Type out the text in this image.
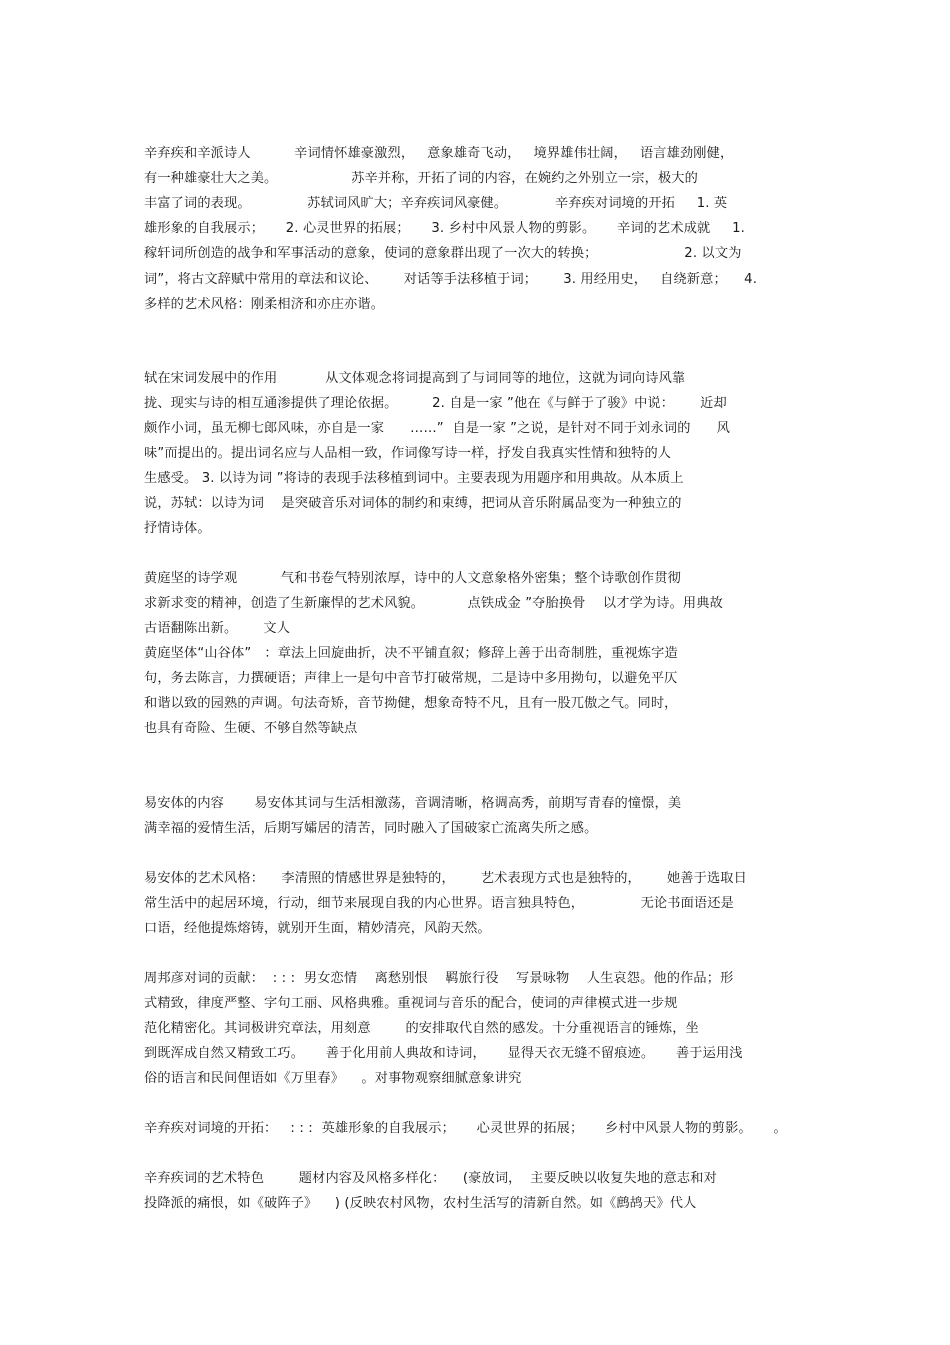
辛弃疾和辛派诗人          辛词情怀雄豪激烈，   意象雄奇飞动，   境界雄伟壮阔，   语言雄劲刚健，
有一种雄豪壮大之美。                 苏辛并称，开拓了词的内容，在婉约之外别立一宗，极大的
丰富了词的表现。             苏轼词风旷大；辛弃疾词风豪健。           辛弃疾对词境的开拓     1. 英
雄形象的自我展示；     2. 心灵世界的拓展；     3. 乡村中风景人物的剪影。     辛词的艺术成就     1.
稼轩词所创造的战争和军事活动的意象，使词的意象群出现了一次大的转换；                    2. 以文为
词”，将古文辞赋中常用的章法和议论、      对话等手法移植于词；      3. 用经用史，   自绕新意；    4.
多样的艺术风格：刚柔相济和亦庄亦谐。
轼在宋词发展中的作用           从文体观念将词提高到了与词同等的地位，这就为词向诗风靠
拢、现实与诗的相互通渗提供了理论依据。        2. 自是一家 ”他在《与鲜于了骏》中说：      近却
颇作小词，虽无柳七郎风味，亦自是一家      ……”  自是一家 ”之说，是针对不同于刘永词的      风
味”而提出的。提出词名应与人品相一致，作词像写诗一样，抒发自我真实性情和独特的人
生感受。 3. 以诗为词 ”将诗的表现手法移植到词中。主要表现为用题序和用典故。从本质上
说，苏轼：以诗为词    是突破音乐对词体的制约和束缚，把词从音乐附属品变为一种独立的
抒情诗体。
黄庭坚的诗学观          气和书卷气特别浓厚，诗中的人文意象格外密集；整个诗歌创作贯彻
求新求变的精神，创造了生新廉悍的艺术风貌。          点铁成金 ”夺胎换骨    以才学为诗。用典故
古语翻陈出新。      文人
黄庭坚体“山谷体”   ：章法上回旋曲折，决不平铺直叙；修辞上善于出奇制胜，重视炼字造
句，务去陈言，力撰硬语；声律上一是句中音节打破常规，二是诗中多用拗句，以避免平仄
和谐以致的园熟的声调。句法奇矫，音节拗健，想象奇特不凡，且有一股兀傲之气。同时，
也具有奇险、生硬、不够自然等缺点
易安体的内容       易安体其词与生活相激荡，音调清晰，格调高秀，前期写青春的憧憬，美
满幸福的爱情生活，后期写孀居的清苦，同时融入了国破家亡流离失所之感。
易安体的艺术风格：    李清照的情感世界是独特的，      艺术表现方式也是独特的，      她善于选取日
常生活中的起居环境，行动，细节来展现自我的内心世界。语言独具特色，             无论书面语还是
口语，经他提炼熔铸，就别开生面，精妙清亮，风韵天然。
周邦彦对词的贡献：  : : :  男女恋情    离愁别恨    羁旅行役    写景咏物    人生哀怨。他的作品；形
式精致，律度严整、字句工丽、风格典雅。重视词与音乐的配合，使词的声律模式进一步规
范化精密化。其词极讲究章法，用刻意        的安排取代自然的感发。十分重视语言的锤炼，坐
到既浑成自然又精致工巧。     善于化用前人典故和诗词，     显得天衣无缝不留痕迹。     善于运用浅
俗的语言和民间俚语如《万里春》    。对事物观察细腻意象讲究
辛弃疾对词境的开拓：   : : :  英雄形象的自我展示；     心灵世界的拓展；     乡村中风景人物的剪影。     。
辛弃疾词的艺术特色        题材内容及风格多样化：    (豪放词，  主要反映以收复失地的意志和对
投降派的痛恨，如《破阵子》    ) (反映农村风物，农村生活写的清新自然。如《鹧鸪天》代人
